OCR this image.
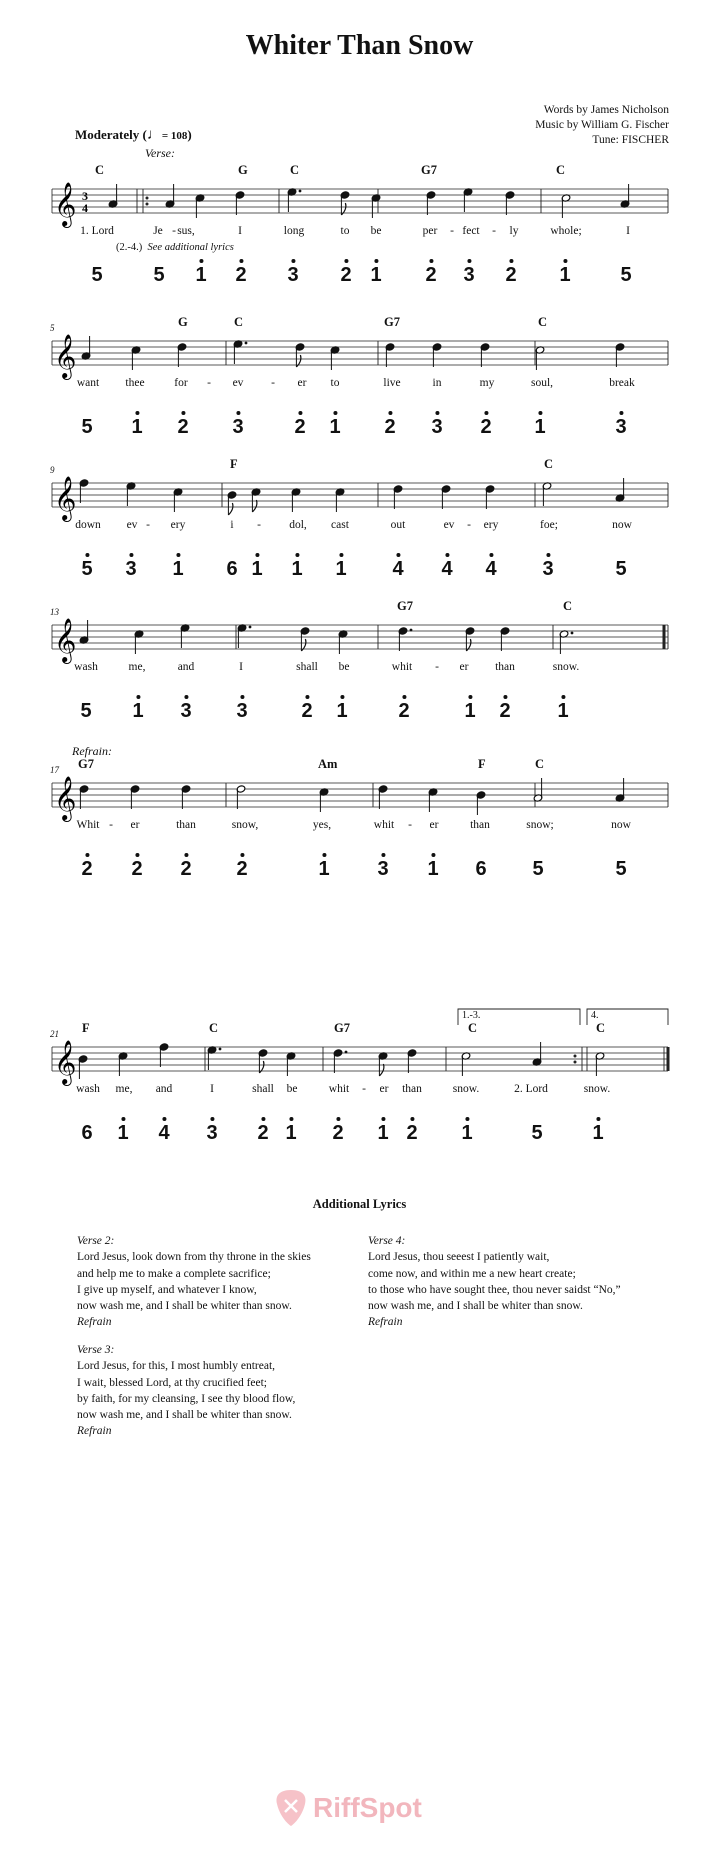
Whiter Than Snow
Words by James Nicholson
Music by William G. Fischer
Tune: FISCHER
Moderately (♩= 108)
Verse:
Refrain:
𝄞 3
4
C	G	C	G7	C
1. Lord	Je - sus,	I	long	to be	per - fect - ly	whole;	I
5	5 1 2 3 2 1 2 3 2 1 5
𝄞
5	G	C	G7	C
want thee	for - ev - er to	live	in	my	soul,	break
5 1 2 3	2 1 2 3 2 1	3
𝄞
9	F	C
down ev - ery	i - dol, cast	out	ev - ery	foe;	now
5 3 1 6 1 1 1 4 4 4 3	5
𝄞
13	G7	C
wash	me,	and	I	shall be	whit - er than	snow.
5 1 3 3	2 1	2	1 2 1
𝄞
17 G7	Am	F	C
Whit - er	than	snow,	yes,	whit - er	than	snow;	now
2 2 2 2	1 3 1 6 5	5
𝄞
21 F	C	G7	C	C
wash me, and	I	shall be	whit - er than	snow.	2. Lord	snow.
6 1 4 3 2 1 2 1 2 1	5 1
1.-3.	4.
(2.-4.) See additional lyrics
Additional Lyrics
Verse 2:
Lord Jesus, look down from thy throne in the skies
and help me to make a complete sacrifice;
I give up myself, and whatever I know,
now wash me, and I shall be whiter than snow.
Refrain
Verse 3:
Lord Jesus, for this, I most humbly entreat,
I wait, blessed Lord, at thy crucified feet;
by faith, for my cleansing, I see thy blood flow,
now wash me, and I shall be whiter than snow.
Refrain
Verse 4:
Lord Jesus, thou seeest I patiently wait,
come now, and within me a new heart create;
to those who have sought thee, thou never saidst “No,”
now wash me, and I shall be whiter than snow.
Refrain
RiffSpot
